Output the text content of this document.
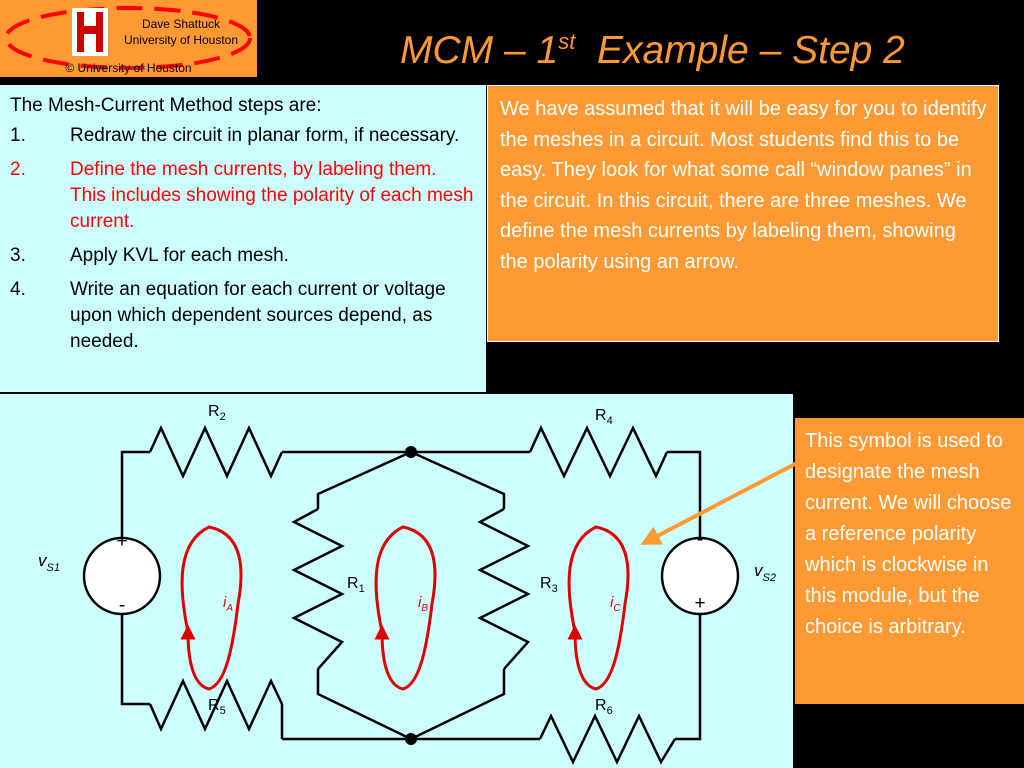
Dave Shattuck
University of Houston
© University of Houston	MCM – 1st Example – Step 2
The Mesh-Current Method steps are:
1. Redraw the circuit in planar form, if necessary.
2. Define the mesh currents, by labeling them. This includes showing the polarity of each mesh current.
3. Apply KVL for each mesh.
4. Write an equation for each current or voltage upon which dependent sources depend, as needed.
We have assumed that it will be easy for you to identify the meshes in a circuit. Most students find this to be easy. They look for what some call “window panes” in the circuit. In this circuit, there are three meshes. We define the mesh currents by labeling them, showing the polarity using an arrow.
This symbol is used to designate the mesh current. We will choose a reference polarity which is clockwise in this module, but the choice is arbitrary.
+
-
-
+
$v_{S1}$	$v_{S2}$
$R_2$	$R_4$
$R_1$	$R_3$
$R_5$	$R_6$
$i_A$	$i_B$	$i_C$
